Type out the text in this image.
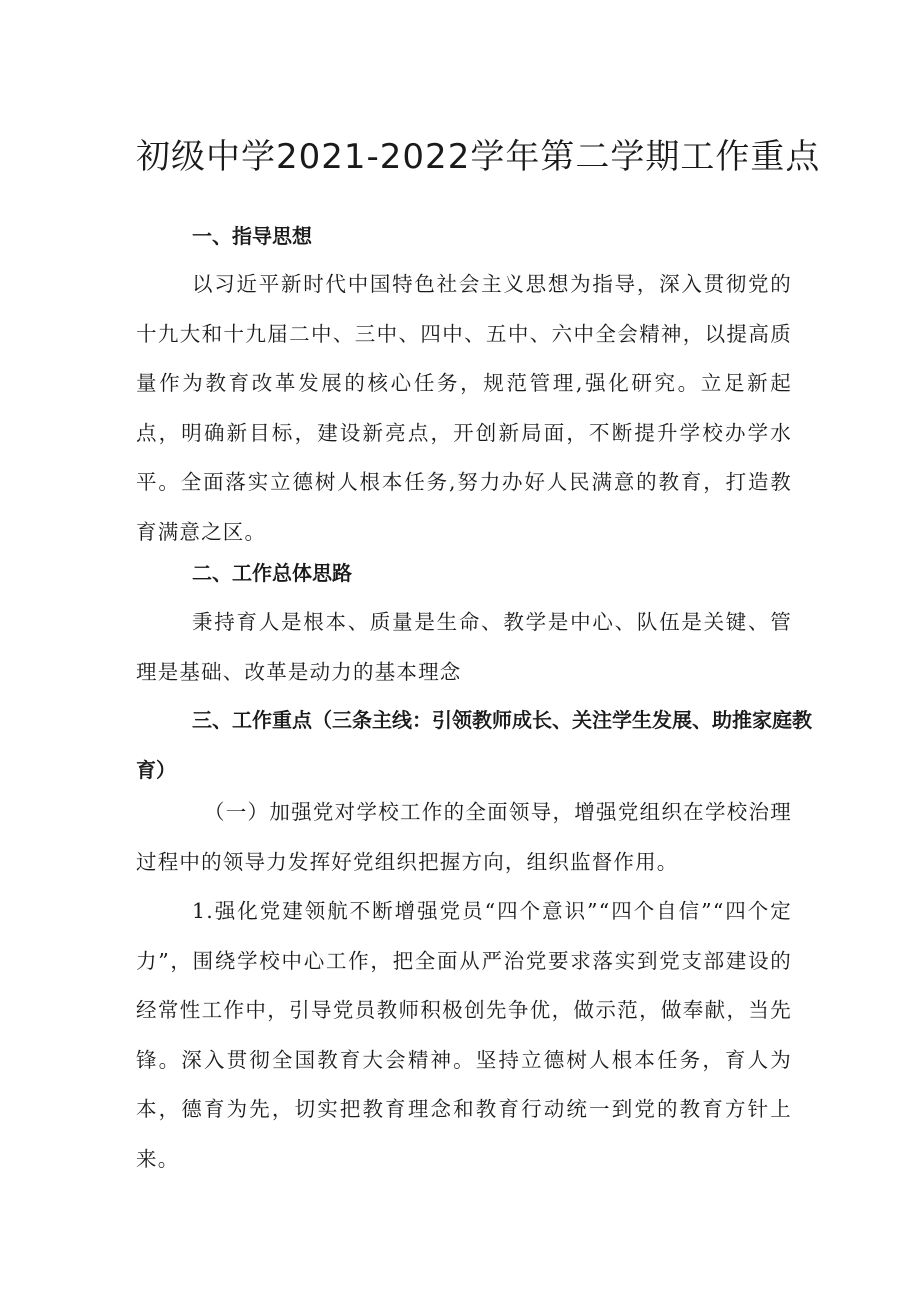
初级中学2021-2022学年第二学期工作重点
一、指导思想

以习近平新时代中国特色社会主义思想为指导，深入贯彻党的十九大和十九届二中、三中、四中、五中、六中全会精神，以提高质量作为教育改革发展的核心任务，规范管理,强化研究。立足新起点，明确新目标，建设新亮点，开创新局面，不断提升学校办学水平。全面落实立德树人根本任务,努力办好人民满意的教育，打造教育满意之区。

二、工作总体思路

秉持育人是根本、质量是生命、教学是中心、队伍是关键、管理是基础、改革是动力的基本理念

三、工作重点（三条主线：引领教师成长、关注学生发展、助推家庭教育）

（一）加强党对学校工作的全面领导，增强党组织在学校治理过程中的领导力发挥好党组织把握方向，组织监督作用。

1.强化党建领航不断增强党员“四个意识”“四个自信”“四个定力”，围绕学校中心工作，把全面从严治党要求落实到党支部建设的经常性工作中，引导党员教师积极创先争优，做示范，做奉献，当先锋。深入贯彻全国教育大会精神。坚持立德树人根本任务，育人为本，德育为先，切实把教育理念和教育行动统一到党的教育方针上来。
